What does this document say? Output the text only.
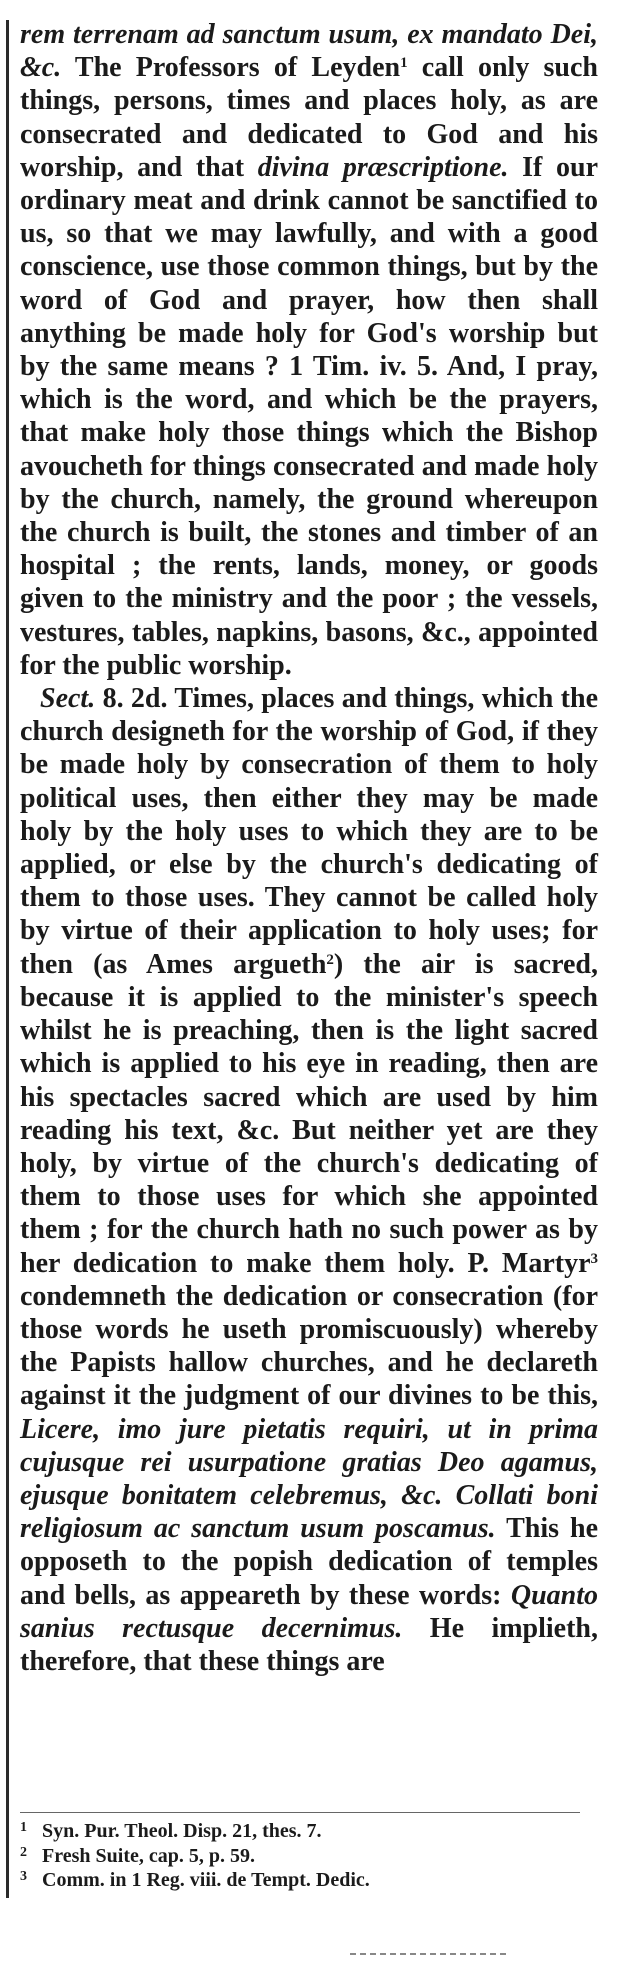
rem terrenam ad sanctum usum, ex mandato Dei, &c. The Professors of Leyden$^1$ call only such things, persons, times and places holy, as are consecrated and dedicated to God and his worship, and that divina præscriptione. If our ordinary meat and drink cannot be sanctified to us, so that we may lawfully, and with a good conscience, use those common things, but by the word of God and prayer, how then shall anything be made holy for God's worship but by the same means ? 1 Tim. iv. 5. And, I pray, which is the word, and which be the prayers, that make holy those things which the Bishop avoucheth for things consecrated and made holy by the church, namely, the ground whereupon the church is built, the stones and timber of an hospital ; the rents, lands, money, or goods given to the ministry and the poor ; the vessels, vestures, tables, napkins, basons, &c., appointed for the public worship.

Sect. 8. 2d. Times, places and things, which the church designeth for the worship of God, if they be made holy by consecration of them to holy political uses, then either they may be made holy by the holy uses to which they are to be applied, or else by the church's dedicating of them to those uses. They cannot be called holy by virtue of their application to holy uses; for then (as Ames argueth$^2$) the air is sacred, because it is applied to the minister's speech whilst he is preaching, then is the light sacred which is applied to his eye in reading, then are his spectacles sacred which are used by him reading his text, &c. But neither yet are they holy, by virtue of the church's dedicating of them to those uses for which she appointed them ; for the church hath no such power as by her dedication to make them holy. P. Martyr$^3$ condemneth the dedication or consecration (for those words he useth promiscuously) whereby the Papists hallow churches, and he declareth against it the judgment of our divines to be this, Licere, imo jure pietatis requiri, ut in prima cujusque rei usurpatione gratias Deo agamus, ejusque bonitatem celebremus, &c. Collati boni religiosum ac sanctum usum poscamus. This he opposeth to the popish dedication of temples and bells, as appeareth by these words: Quanto sanius rectusque decernimus. He implieth, therefore, that these things are

1 Syn. Pur. Theol. Disp. 21, thes. 7.
2 Fresh Suite, cap. 5, p. 59.
3 Comm. in 1 Reg. viii. de Tempt. Dedic.
